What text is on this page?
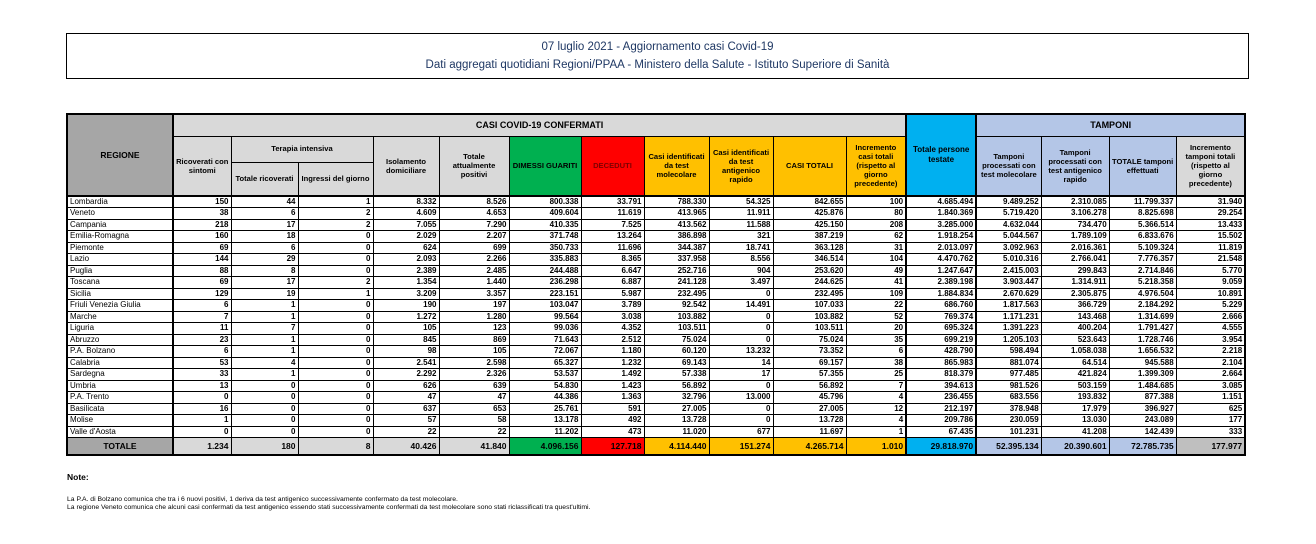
07 luglio 2021 - Aggiornamento casi Covid-19
Dati aggregati quotidiani Regioni/PPAA - Ministero della Salute - Istituto Superiore di Sanità
REGIONE	CASI COVID-19 CONFERMATI											Totale persone testate	TAMPONI			
	Ricoverati con sintomi	Terapia intensiva		Isolamento domiciliare	Totale attualmente positivi	DIMESSI GUARITI	DECEDUTI	Casi identificati da test molecolare	Casi identificati da test antigenico rapido	CASI TOTALI	Incremento casi totali (rispetto al giorno precedente)		Tamponi processati con test molecolare	Tamponi processati con test antigenico rapido	TOTALE tamponi effettuati	Incremento tamponi totali (rispetto al giorno precedente)
		Totale ricoverati	Ingressi del giorno													
Lombardia	150	44	1	8.332	8.526	800.338	33.791	788.330	54.325	842.655	100	4.685.494	9.489.252	2.310.085	11.799.337	31.940
Veneto	38	6	2	4.609	4.653	409.604	11.619	413.965	11.911	425.876	80	1.840.369	5.719.420	3.106.278	8.825.698	29.254
Campania	218	17	2	7.055	7.290	410.335	7.525	413.562	11.588	425.150	208	3.285.000	4.632.044	734.470	5.366.514	13.433
Emilia-Romagna	160	18	0	2.029	2.207	371.748	13.264	386.898	321	387.219	62	1.918.254	5.044.567	1.789.109	6.833.676	15.502
Piemonte	69	6	0	624	699	350.733	11.696	344.387	18.741	363.128	31	2.013.097	3.092.963	2.016.361	5.109.324	11.819
Lazio	144	29	0	2.093	2.266	335.883	8.365	337.958	8.556	346.514	104	4.470.762	5.010.316	2.766.041	7.776.357	21.548
Puglia	88	8	0	2.389	2.485	244.488	6.647	252.716	904	253.620	49	1.247.647	2.415.003	299.843	2.714.846	5.770
Toscana	69	17	2	1.354	1.440	236.298	6.887	241.128	3.497	244.625	41	2.389.198	3.903.447	1.314.911	5.218.358	9.059
Sicilia	129	19	1	3.209	3.357	223.151	5.987	232.495	0	232.495	109	1.884.834	2.670.629	2.305.875	4.976.504	10.891
Friuli Venezia Giulia	6	1	0	190	197	103.047	3.789	92.542	14.491	107.033	22	686.760	1.817.563	366.729	2.184.292	5.229
Marche	7	1	0	1.272	1.280	99.564	3.038	103.882	0	103.882	52	769.374	1.171.231	143.468	1.314.699	2.666
Liguria	11	7	0	105	123	99.036	4.352	103.511	0	103.511	20	695.324	1.391.223	400.204	1.791.427	4.555
Abruzzo	23	1	0	845	869	71.643	2.512	75.024	0	75.024	35	699.219	1.205.103	523.643	1.728.746	3.954
P.A. Bolzano	6	1	0	98	105	72.067	1.180	60.120	13.232	73.352	6	428.790	598.494	1.058.038	1.656.532	2.218
Calabria	53	4	0	2.541	2.598	65.327	1.232	69.143	14	69.157	38	865.983	881.074	64.514	945.588	2.104
Sardegna	33	1	0	2.292	2.326	53.537	1.492	57.338	17	57.355	25	818.379	977.485	421.824	1.399.309	2.664
Umbria	13	0	0	626	639	54.830	1.423	56.892	0	56.892	7	394.613	981.526	503.159	1.484.685	3.085
P.A. Trento	0	0	0	47	47	44.386	1.363	32.796	13.000	45.796	4	236.455	683.556	193.832	877.388	1.151
Basilicata	16	0	0	637	653	25.761	591	27.005	0	27.005	12	212.197	378.948	17.979	396.927	625
Molise	1	0	0	57	58	13.178	492	13.728	0	13.728	4	209.786	230.059	13.030	243.089	177
Valle d'Aosta	0	0	0	22	22	11.202	473	11.020	677	11.697	1	67.435	101.231	41.208	142.439	333
TOTALE	1.234	180	8	40.426	41.840	4.096.156	127.718	4.114.440	151.274	4.265.714	1.010	29.818.970	52.395.134	20.390.601	72.785.735	177.977
Note:
La P.A. di Bolzano comunica che tra i 6 nuovi positivi, 1 deriva da test antigenico successivamente confermato da test molecolare.
La regione Veneto comunica che alcuni casi confermati da test antigenico essendo stati successivamente confermati da test molecolare sono stati riclassificati tra quest'ultimi.
